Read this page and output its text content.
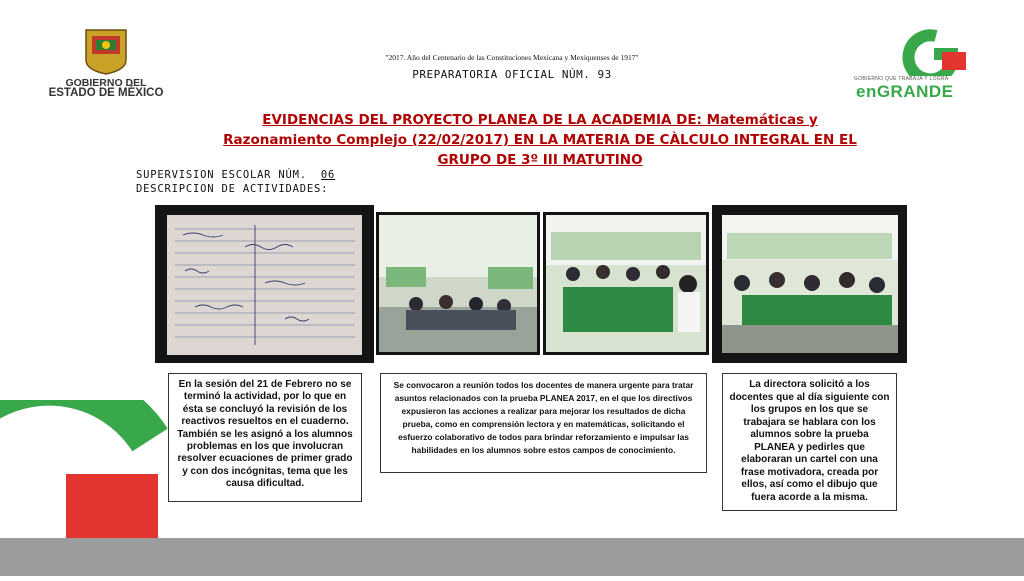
GOBIERNO DEL
ESTADO DE MÉXICO
GOBIERNO QUE TRABAJA Y LOGRA
enGRANDE
"2017. Año del Centenario de las Constituciones Mexicana y Mexiquenses de 1917"
PREPARATORIA OFICIAL NÚM. 93
EVIDENCIAS DEL PROYECTO PLANEA DE LA ACADEMIA DE: Matemáticas y Razonamiento Complejo (22/02/2017) EN LA MATERIA DE CÀLCULO INTEGRAL EN EL GRUPO DE 3º III MATUTINO
SUPERVISION ESCOLAR NÚM. 06
DESCRIPCION DE ACTIVIDADES:
En la sesión del 21 de Febrero no se terminó la actividad, por lo que en ésta se concluyó la revisión de los reactivos resueltos en el cuaderno. También se les asignó a los alumnos problemas en los que involucran resolver ecuaciones de primer grado y con dos incógnitas, tema que les causa dificultad.
Se convocaron a reunión todos los docentes de manera urgente para tratar asuntos relacionados con la prueba PLANEA 2017, en el que los directivos expusieron las acciones a realizar para mejorar los resultados de dicha prueba, como en comprensión lectora y en matemáticas, solicitando el esfuerzo colaborativo de todos para brindar reforzamiento e impulsar las habilidades en los alumnos sobre estos campos de conocimiento.
La directora solicitó a los docentes que al día siguiente con los grupos en los que se trabajara se hablara con los alumnos sobre la prueba PLANEA y pedirles que elaboraran un cartel con una frase motivadora, creada por ellos, así como el dibujo que fuera acorde a la misma.
